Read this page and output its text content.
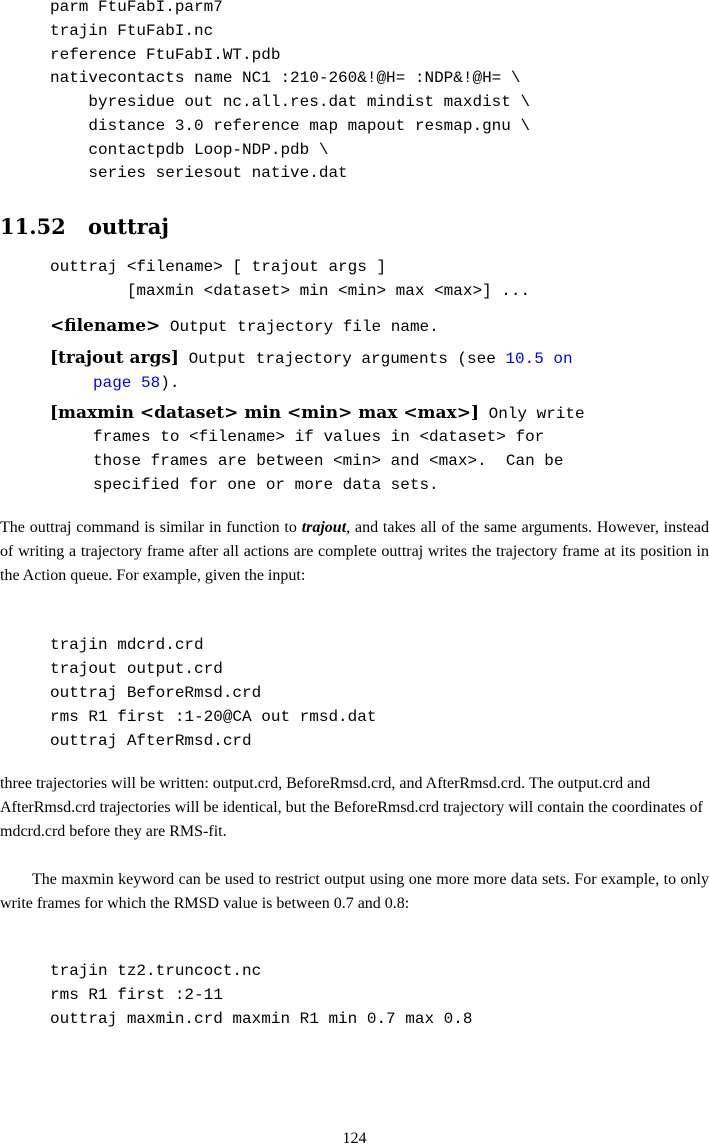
parm FtuFabI.parm7
trajin FtuFabI.nc
reference FtuFabI.WT.pdb
nativecontacts name NC1 :210-260&!@H= :NDP&!@H= \
byresidue out nc.all.res.dat mindist maxdist \
distance 3.0 reference map mapout resmap.gnu \
contactpdb Loop-NDP.pdb \
series seriesout native.dat
11.52 outtraj
outtraj <filename> [ trajout args ]
[maxmin <dataset> min <min> max <max>] ...
<filename> Output trajectory file name.
[trajout args] Output trajectory arguments (see 10.5 on
page 58).
[maxmin <dataset> min <min> max <max>] Only write
frames to <filename> if values in <dataset> for
those frames are between <min> and <max>.  Can be
specified for one or more data sets.
The outtraj command is similar in function to trajout, and takes all of the same arguments. However, instead of writing a trajectory frame after all actions are complete outtraj writes the trajectory frame at its position in the Action queue. For example, given the input:
trajin mdcrd.crd
trajout output.crd
outtraj BeforeRmsd.crd
rms R1 first :1-20@CA out rmsd.dat
outtraj AfterRmsd.crd
three trajectories will be written: output.crd, BeforeRmsd.crd, and AfterRmsd.crd. The output.crd and AfterRmsd.crd trajectories will be identical, but the BeforeRmsd.crd trajectory will contain the coordinates of mdcrd.crd before they are RMS-fit.
The maxmin keyword can be used to restrict output using one more more data sets. For example, to only write frames for which the RMSD value is between 0.7 and 0.8:
trajin tz2.truncoct.nc
rms R1 first :2-11
outtraj maxmin.crd maxmin R1 min 0.7 max 0.8
124
